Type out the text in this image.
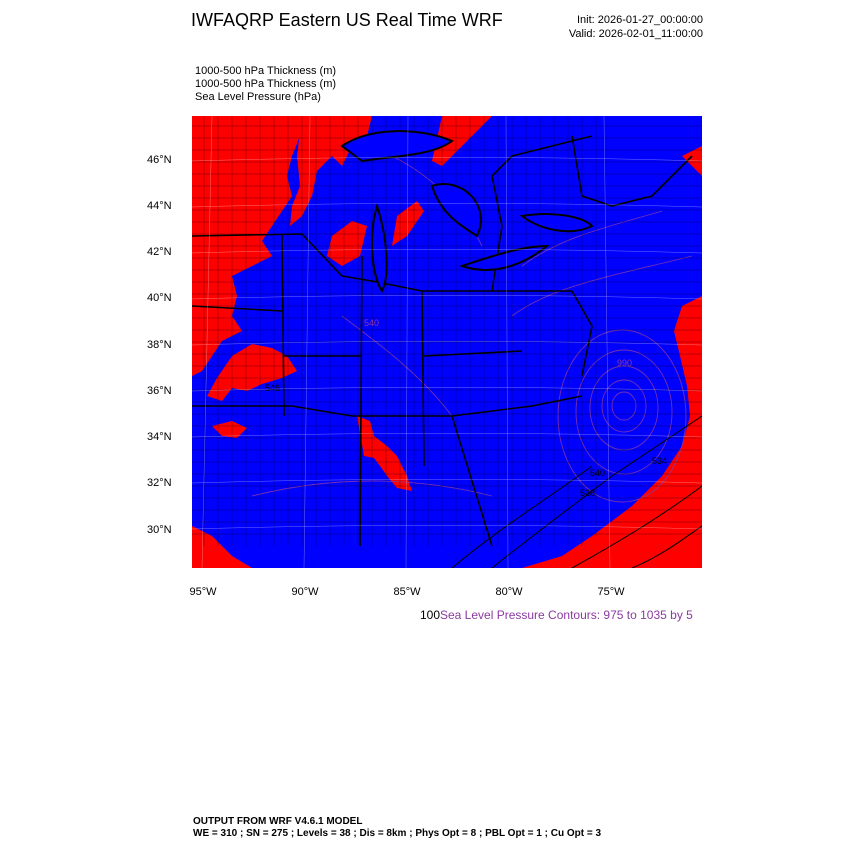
IWFAQRP Eastern US Real Time WRF	Init: 2026-01-27_00:00:00
Valid: 2026-02-01_11:00:00
1000-500 hPa Thickness (m)
1000-500 hPa Thickness (m)
Sea Level Pressure (hPa)
990
540
528
534
546
540
46°N
44°N
42°N
40°N
38°N
36°N
34°N
32°N
30°N
95°W	90°W	85°W	80°W	75°W
100 Sea Level Pressure Contours: 975 to 1035 by 5
OUTPUT FROM WRF V4.6.1 MODEL
WE = 310 ; SN = 275 ; Levels = 38 ; Dis = 8km ; Phys Opt = 8 ; PBL Opt = 1 ; Cu Opt = 3
